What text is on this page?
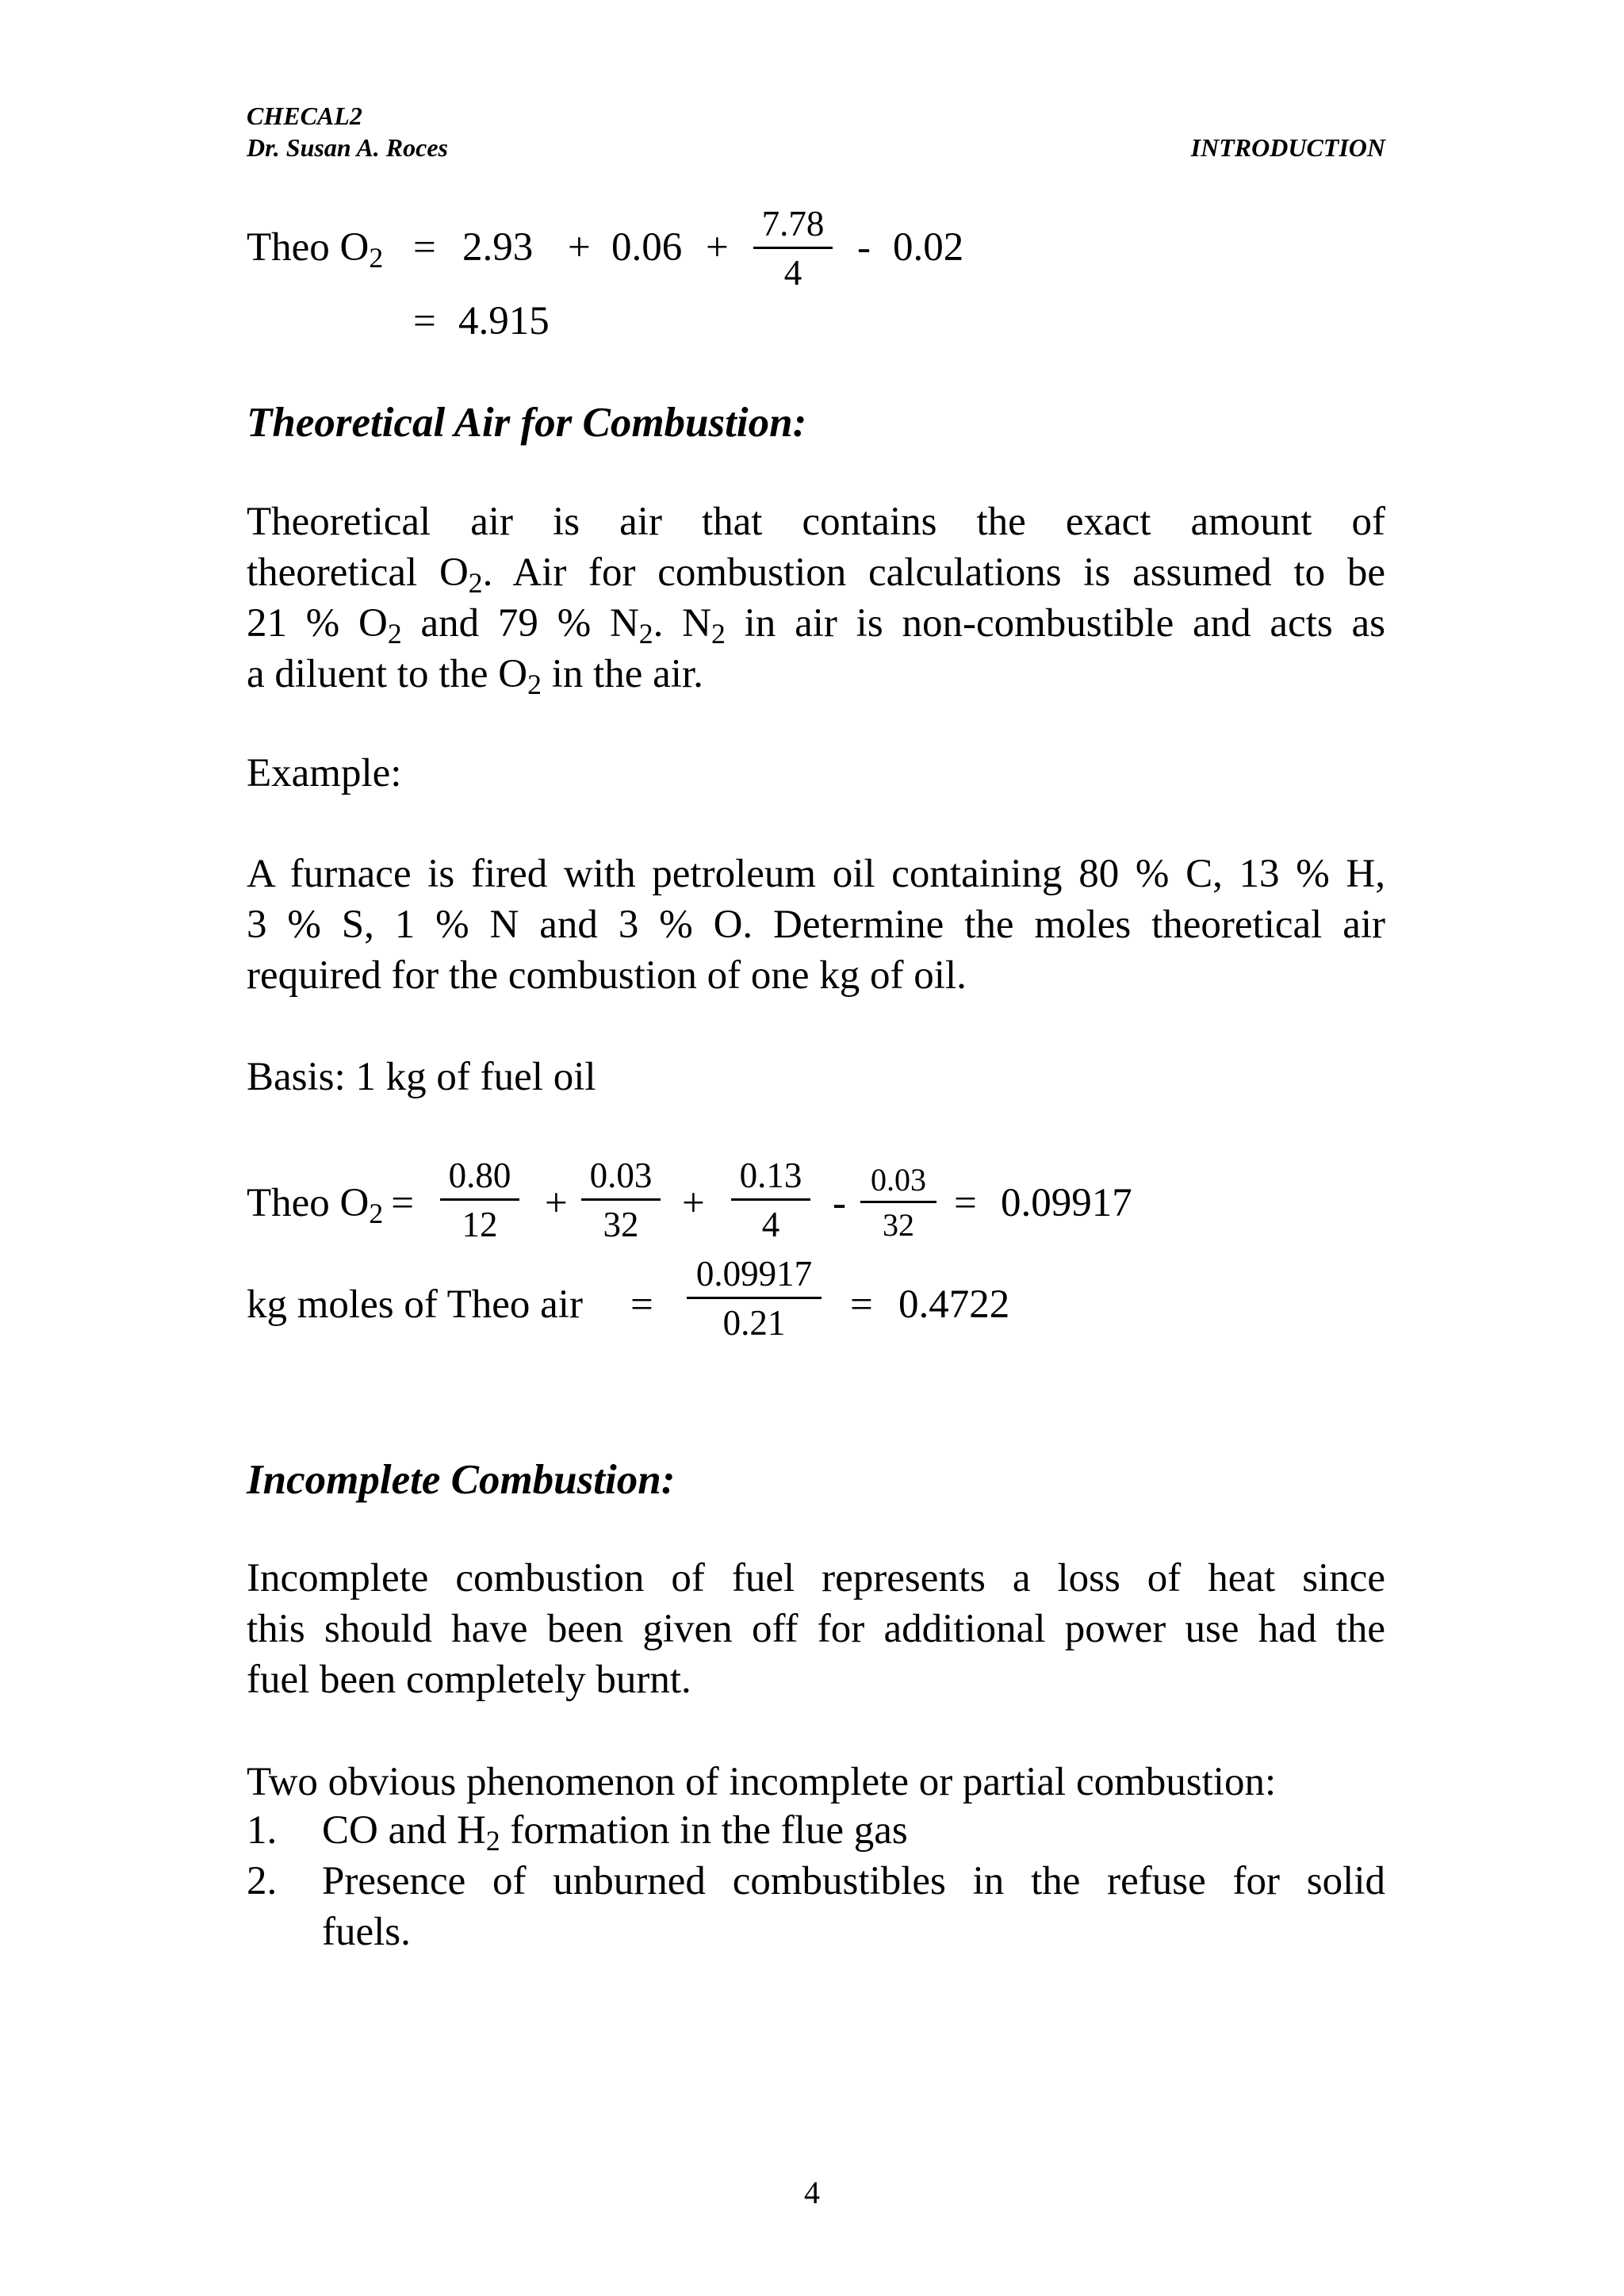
CHECAL2
Dr. Susan A. Roces	INTRODUCTION
Theo $O_2 = 2.93 + 0.06$ +
7.78
4
- 0.02
= 4.915
Theoretical Air for Combustion:
Theoretical air is air that contains the exact amount of
theoretical $O_2$. Air for combustion calculations is assumed to be
21 % $O_2$ and 79 % $N_2$. $N_2$ in air is non-combustible and acts as
a diluent to the $O_2$ in the air.
Example:
A furnace is fired with petroleum oil containing 80 % C, 13 % H,
3 % S, 1 % N and 3 % O. Determine the moles theoretical air
required for the combustion of one kg of oil.
Basis: 1 kg of fuel oil
Theo $O_2$ =
0.80
12 +
0.03
32 +
0.13
4 -
0.03
32 = 0.09917
kg moles of Theo air =
0.09917
0.21 = 0.4722
Incomplete Combustion:
Incomplete combustion of fuel represents a loss of heat since
this should have been given off for additional power use had the
fuel been completely burnt.
Two obvious phenomenon of incomplete or partial combustion:
1. CO and $H_2$ formation in the flue gas
2. Presence of unburned combustibles in the refuse for solid
fuels.
4
